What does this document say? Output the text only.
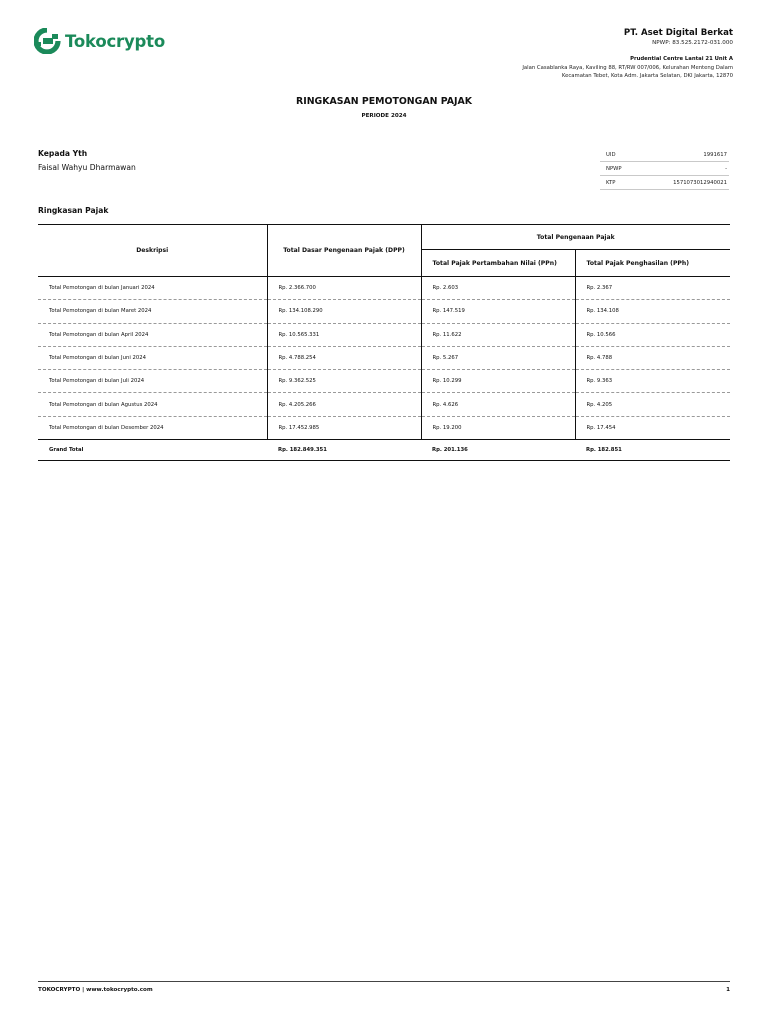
Tokocrypto	PT. Aset Digital Berkat
NPWP: 83.525.2172-031.000
Prudential Centre Lantai 21 Unit A
Jalan Casablanka Raya, Kaviling 88, RT/RW 007/006, Kelurahan Menteng Dalam
Kecamatan Tebet, Kota Adm. Jakarta Selatan, DKI Jakarta, 12870
RINGKASAN PEMOTONGAN PAJAK
PERIODE 2024
Kepada Yth
Faisal Wahyu Dharmawan
UID	1991617
NPWP	-
KTP	1571073012940021
Ringkasan Pajak
Deskripsi	Total Dasar Pengenaan Pajak (DPP)	Total Pengenaan Pajak	
		Total Pajak Pertambahan Nilai (PPn)	Total Pajak Penghasilan (PPh)
Total Pemotongan di bulan Januari 2024	Rp. 2.366.700	Rp. 2.603	Rp. 2.367
Total Pemotongan di bulan Maret 2024	Rp. 134.108.290	Rp. 147.519	Rp. 134.108
Total Pemotongan di bulan April 2024	Rp. 10.565.331	Rp. 11.622	Rp. 10.566
Total Pemotongan di bulan Juni 2024	Rp. 4.788.254	Rp. 5.267	Rp. 4.788
Total Pemotongan di bulan Juli 2024	Rp. 9.362.525	Rp. 10.299	Rp. 9.363
Total Pemotongan di bulan Agustus 2024	Rp. 4.205.266	Rp. 4.626	Rp. 4.205
Total Pemotongan di bulan Desember 2024	Rp. 17.452.985	Rp. 19.200	Rp. 17.454
Grand Total	Rp. 182.849.351	Rp. 201.136	Rp. 182.851
TOKOCRYPTO | www.tokocrypto.com	1
